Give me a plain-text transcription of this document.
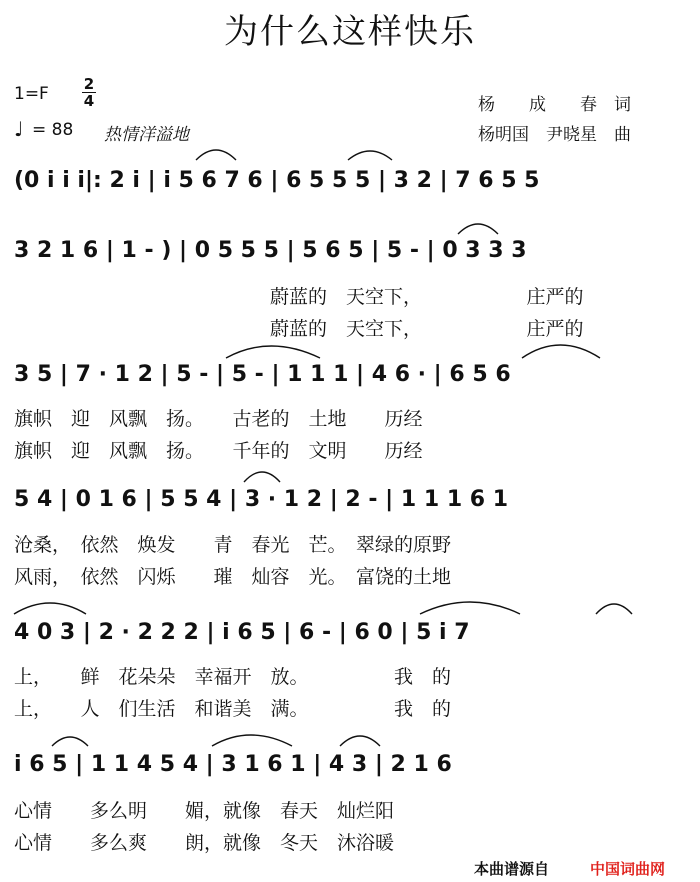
为什么这样快乐
$1=F \frac{2}{4}$
♩ = 88 热情洋溢地
杨　　成　　春　词
杨明国　尹晓星　曲
(0 i i i|: 2 i | i 5 6 7 6 | 6 5 5 5 | 3 2 | 7 6 5 5
3 2 1 6 | 1 - ) | 0 5 5 5 | 5 6 5 | 5 - | 0 3 3 3
蔚蓝的　天空下，　　　　　　庄严的
蔚蓝的　天空下，　　　　　　庄严的
3 5 | 7 · 1 2 | 5 - | 5 - | 1 1 1 | 4 6 · | 6 5 6
旗帜　迎　风飘　扬。　　古老的　土地　　历经
旗帜　迎　风飘　扬。　　千年的　文明　　历经
5 4 | 0 1 6 | 5 5 4 | 3 · 1 2 | 2 - | 1 1 1 6 1
沧桑，　依然　焕发　　青　春光　芒。　翠绿的原野
风雨，　依然　闪烁　　璀　灿容　光。　富饶的土地
4 0 3 | 2 · 2 2 2 | i 6 5 | 6 - | 6 0 | 5 i 7
上，　　鲜　花朵朵　幸福开　放。　　　　　我　的
上，　　人　们生活　和谐美　满。　　　　　我　的
i 6 5 | 1 1 4 5 4 | 3 1 6 1 | 4 3 | 2 1 6
心情　　多么明　　媚，就像　春天　灿烂阳
心情　　多么爽　　朗，就像　冬天　沐浴暖
本曲谱源自	中国词曲网
